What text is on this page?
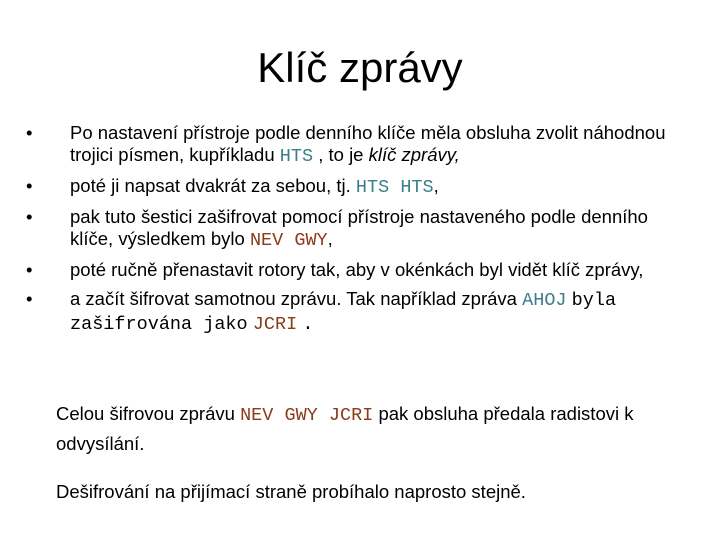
Klíč zprávy
• Po nastavení přístroje podle denního klíče měla obsluha zvolit náhodnou trojici písmen, kupříkladu HTS , to je klíč zprávy,
• poté ji napsat dvakrát za sebou, tj. HTS HTS,
• pak tuto šestici zašifrovat pomocí přístroje nastaveného podle denního klíče, výsledkem bylo NEV GWY,
• poté ručně přenastavit rotory tak, aby v okénkách byl vidět klíč zprávy,
• a začít šifrovat samotnou zprávu. Tak například zpráva AHOJ byla zašifrována jako JCRI .

Celou šifrovou zprávu NEV GWY JCRI pak obsluha předala radistovi k odvysílání.

Dešifrování na přijímací straně probíhalo naprosto stejně.
